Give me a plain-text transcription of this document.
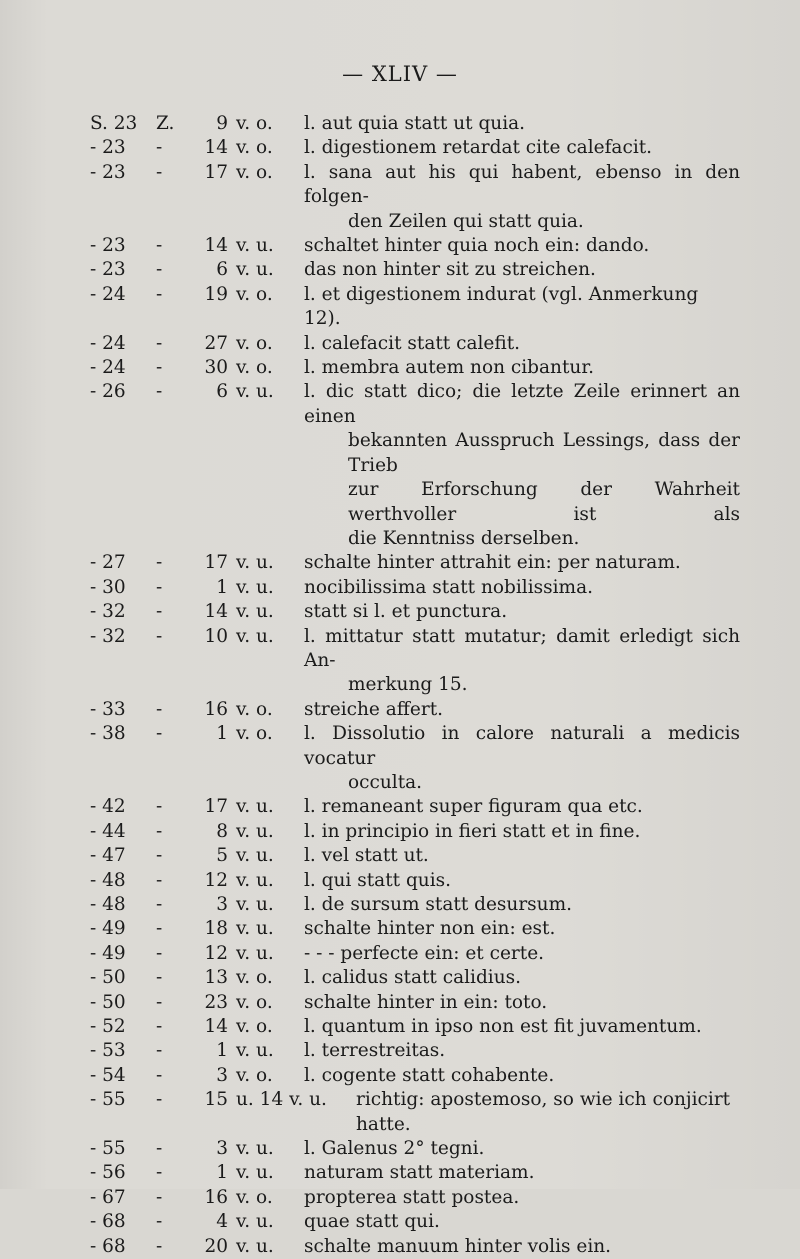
— XLIV —
S. 23	Z.	9 v. o.	l. aut quia statt ut quia.
- 23	-	14 v. o.	l. digestionem retardat cite calefacit.
- 23	-	17 v. o.	l. sana aut his qui habent, ebenso in den folgen-
den Zeilen qui statt quia.
- 23	-	14 v. u.	schaltet hinter quia noch ein: dando.
- 23	-	6 v. u.	das non hinter sit zu streichen.
- 24	-	19 v. o.	l. et digestionem indurat (vgl. Anmerkung 12).
- 24	-	27 v. o.	l. calefacit statt calefit.
- 24	-	30 v. o.	l. membra autem non cibantur.
- 26	-	6 v. u.	l. dic statt dico; die letzte Zeile erinnert an einen
bekannten Ausspruch Lessings, dass der Trieb
zur Erforschung der Wahrheit werthvoller ist als
die Kenntniss derselben.
- 27	-	17 v. u.	schalte hinter attrahit ein: per naturam.
- 30	-	1 v. u.	nocibilissima statt nobilissima.
- 32	-	14 v. u.	statt si l. et punctura.
- 32	-	10 v. u.	l. mittatur statt mutatur; damit erledigt sich An-
merkung 15.
- 33	-	16 v. o.	streiche affert.
- 38	-	1 v. o.	l. Dissolutio in calore naturali a medicis vocatur
occulta.
- 42	-	17 v. u.	l. remaneant super figuram qua etc.
- 44	-	8 v. u.	l. in principio in fieri statt et in fine.
- 47	-	5 v. u.	l. vel statt ut.
- 48	-	12 v. u.	l. qui statt quis.
- 48	-	3 v. u.	l. de sursum statt desursum.
- 49	-	18 v. u.	schalte hinter non ein: est.
- 49	-	12 v. u.	- - - perfecte ein: et certe.
- 50	-	13 v. o.	l. calidus statt calidius.
- 50	-	23 v. o.	schalte hinter in ein: toto.
- 52	-	14 v. o.	l. quantum in ipso non est fit juvamentum.
- 53	-	1 v. u.	l. terrestreitas.
- 54	-	3 v. o.	l. cogente statt cohabente.
- 55	-	15 u. 14 v. u.	richtig: apostemoso, so wie ich conjicirt hatte.
- 55	-	3 v. u.	l. Galenus 2° tegni.
- 56	-	1 v. u.	naturam statt materiam.
- 67	-	16 v. o.	propterea statt postea.
- 68	-	4 v. u.	quae statt qui.
- 68	-	20 v. u.	schalte manuum hinter volis ein.
